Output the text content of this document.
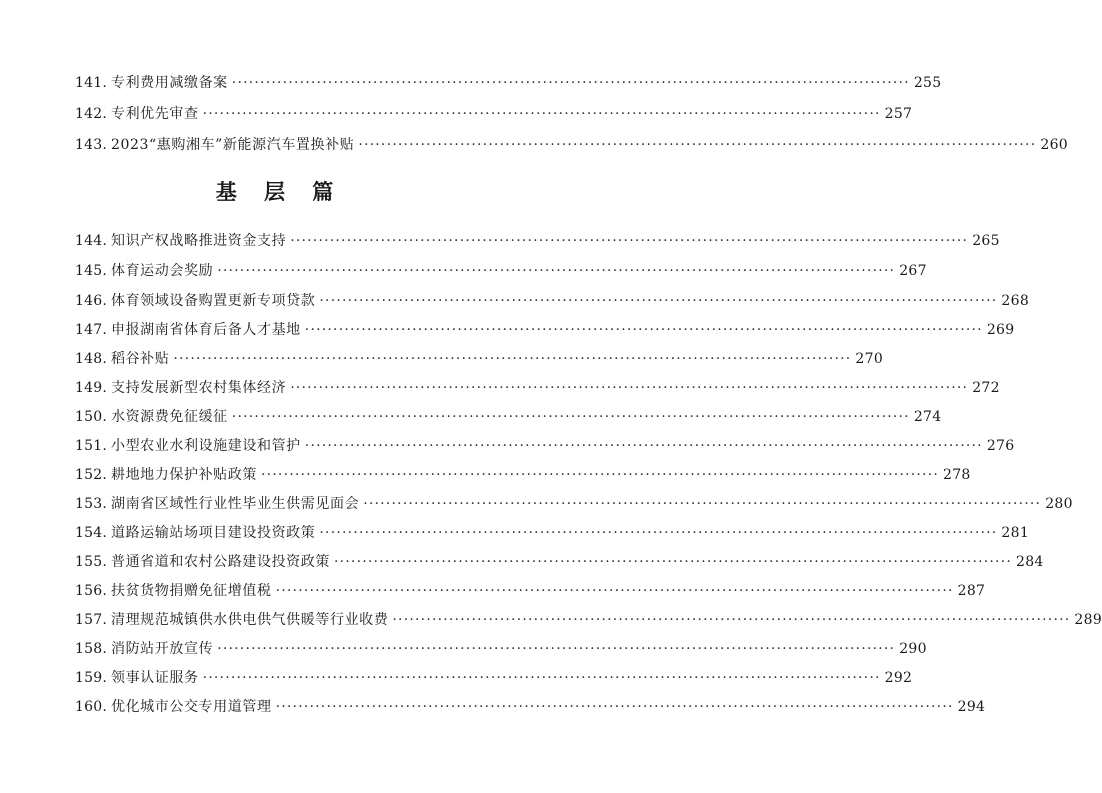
141. 专利费用减缴备案 ························································································································ 255
142. 专利优先审查 ························································································································ 257
143. 2023“惠购湘车”新能源汽车置换补贴 ························································································································ 260
基 层 篇
144. 知识产权战略推进资金支持 ························································································································ 265
145. 体育运动会奖励 ························································································································ 267
146. 体育领域设备购置更新专项贷款 ························································································································ 268
147. 申报湖南省体育后备人才基地 ························································································································ 269
148. 稻谷补贴 ························································································································ 270
149. 支持发展新型农村集体经济 ························································································································ 272
150. 水资源费免征缓征 ························································································································ 274
151. 小型农业水利设施建设和管护 ························································································································ 276
152. 耕地地力保护补贴政策 ························································································································ 278
153. 湖南省区域性行业性毕业生供需见面会 ························································································································ 280
154. 道路运输站场项目建设投资政策 ························································································································ 281
155. 普通省道和农村公路建设投资政策 ························································································································ 284
156. 扶贫货物捐赠免征增值税 ························································································································ 287
157. 清理规范城镇供水供电供气供暖等行业收费 ························································································································ 289
158. 消防站开放宣传 ························································································································ 290
159. 领事认证服务 ························································································································ 292
160. 优化城市公交专用道管理 ························································································································ 294
